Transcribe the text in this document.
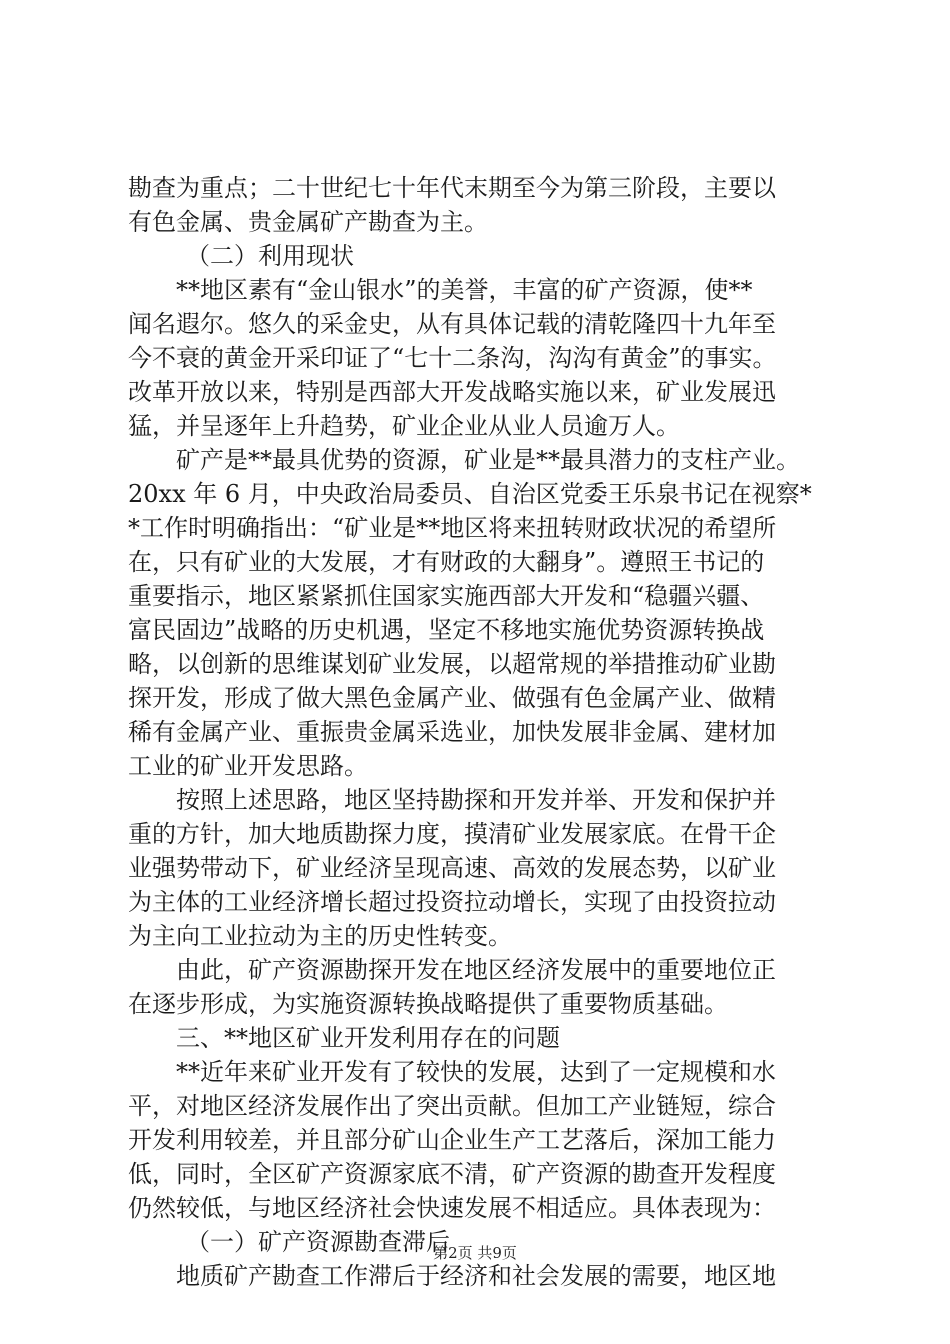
勘查为重点；二十世纪七十年代末期至今为第三阶段，主要以
有色金属、贵金属矿产勘查为主。
（二）利用现状
**地区素有“金山银水”的美誉，丰富的矿产资源，使**
闻名遐尔。悠久的采金史，从有具体记载的清乾隆四十九年至
今不衰的黄金开采印证了“七十二条沟，沟沟有黄金”的事实。
改革开放以来，特别是西部大开发战略实施以来，矿业发展迅
猛，并呈逐年上升趋势，矿业企业从业人员逾万人。
矿产是**最具优势的资源，矿业是**最具潜力的支柱产业。
20xx 年 6 月，中央政治局委员、自治区党委王乐泉书记在视察*
*工作时明确指出：“矿业是**地区将来扭转财政状况的希望所
在，只有矿业的大发展，才有财政的大翻身”。遵照王书记的
重要指示，地区紧紧抓住国家实施西部大开发和“稳疆兴疆、
富民固边”战略的历史机遇，坚定不移地实施优势资源转换战
略，以创新的思维谋划矿业发展，以超常规的举措推动矿业勘
探开发，形成了做大黑色金属产业、做强有色金属产业、做精
稀有金属产业、重振贵金属采选业，加快发展非金属、建材加
工业的矿业开发思路。
按照上述思路，地区坚持勘探和开发并举、开发和保护并
重的方针，加大地质勘探力度，摸清矿业发展家底。在骨干企
业强势带动下，矿业经济呈现高速、高效的发展态势，以矿业
为主体的工业经济增长超过投资拉动增长，实现了由投资拉动
为主向工业拉动为主的历史性转变。
由此，矿产资源勘探开发在地区经济发展中的重要地位正
在逐步形成，为实施资源转换战略提供了重要物质基础。
三、**地区矿业开发利用存在的问题
**近年来矿业开发有了较快的发展，达到了一定规模和水
平，对地区经济发展作出了突出贡献。但加工产业链短，综合
开发利用较差，并且部分矿山企业生产工艺落后，深加工能力
低，同时，全区矿产资源家底不清，矿产资源的勘查开发程度
仍然较低，与地区经济社会快速发展不相适应。具体表现为：
（一）矿产资源勘查滞后
地质矿产勘查工作滞后于经济和社会发展的需要，地区地
第2页 共9页
